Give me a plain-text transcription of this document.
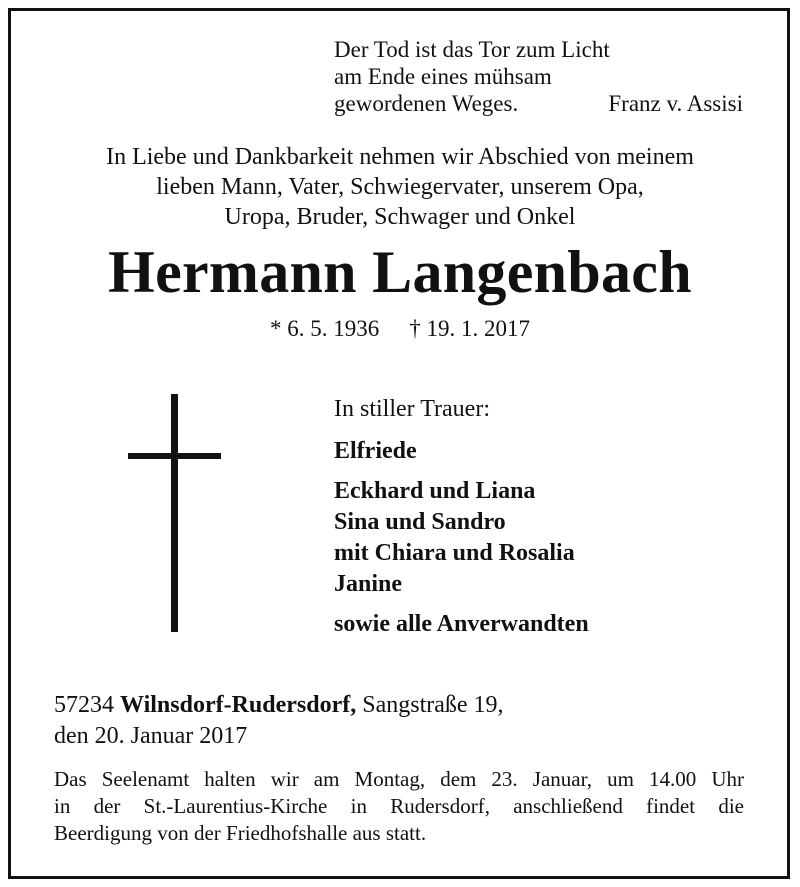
Der Tod ist das Tor zum Licht
am Ende eines mühsam
gewordenen Weges.	Franz v. Assisi
In Liebe und Dankbarkeit nehmen wir Abschied von meinem
lieben Mann, Vater, Schwiegervater, unserem Opa,
Uropa, Bruder, Schwager und Onkel
Hermann Langenbach
* 6. 5. 1936 † 19. 1. 2017
In stiller Trauer:
Elfriede
Eckhard und Liana
Sina und Sandro
mit Chiara und Rosalia
Janine
sowie alle Anverwandten
57234 Wilnsdorf-Rudersdorf, Sangstraße 19,
den 20. Januar 2017
Das Seelenamt halten wir am Montag, dem 23. Januar, um 14.00 Uhr
in der St.-Laurentius-Kirche in Rudersdorf, anschließend findet die
Beerdigung von der Friedhofshalle aus statt.
